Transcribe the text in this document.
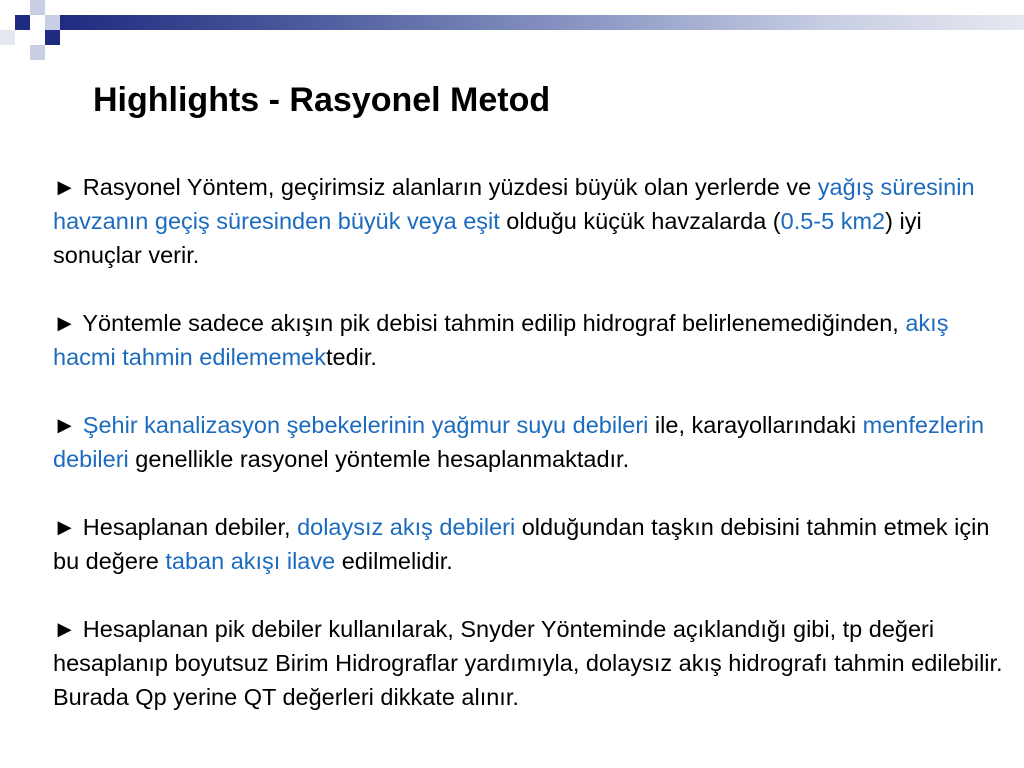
Highlights - Rasyonel Metod

► Rasyonel Yöntem, geçirimsiz alanların yüzdesi büyük olan yerlerde ve yağış süresinin havzanın geçiş süresinden büyük veya eşit olduğu küçük havzalarda (0.5-5 km2) iyi sonuçlar verir.

► Yöntemle sadece akışın pik debisi tahmin edilip hidrograf belirlenemediğinden, akış hacmi tahmin edilememektedir.

► Şehir kanalizasyon şebekelerinin yağmur suyu debileri ile, karayollarındaki menfezlerin debileri genellikle rasyonel yöntemle hesaplanmaktadır.

► Hesaplanan debiler, dolaysız akış debileri olduğundan taşkın debisini tahmin etmek için bu değere taban akışı ilave edilmelidir.

► Hesaplanan pik debiler kullanılarak, Snyder Yönteminde açıklandığı gibi, tp değeri hesaplanıp boyutsuz Birim Hidrograflar yardımıyla, dolaysız akış hidrografı tahmin edilebilir. Burada Qp yerine QT değerleri dikkate alınır.
